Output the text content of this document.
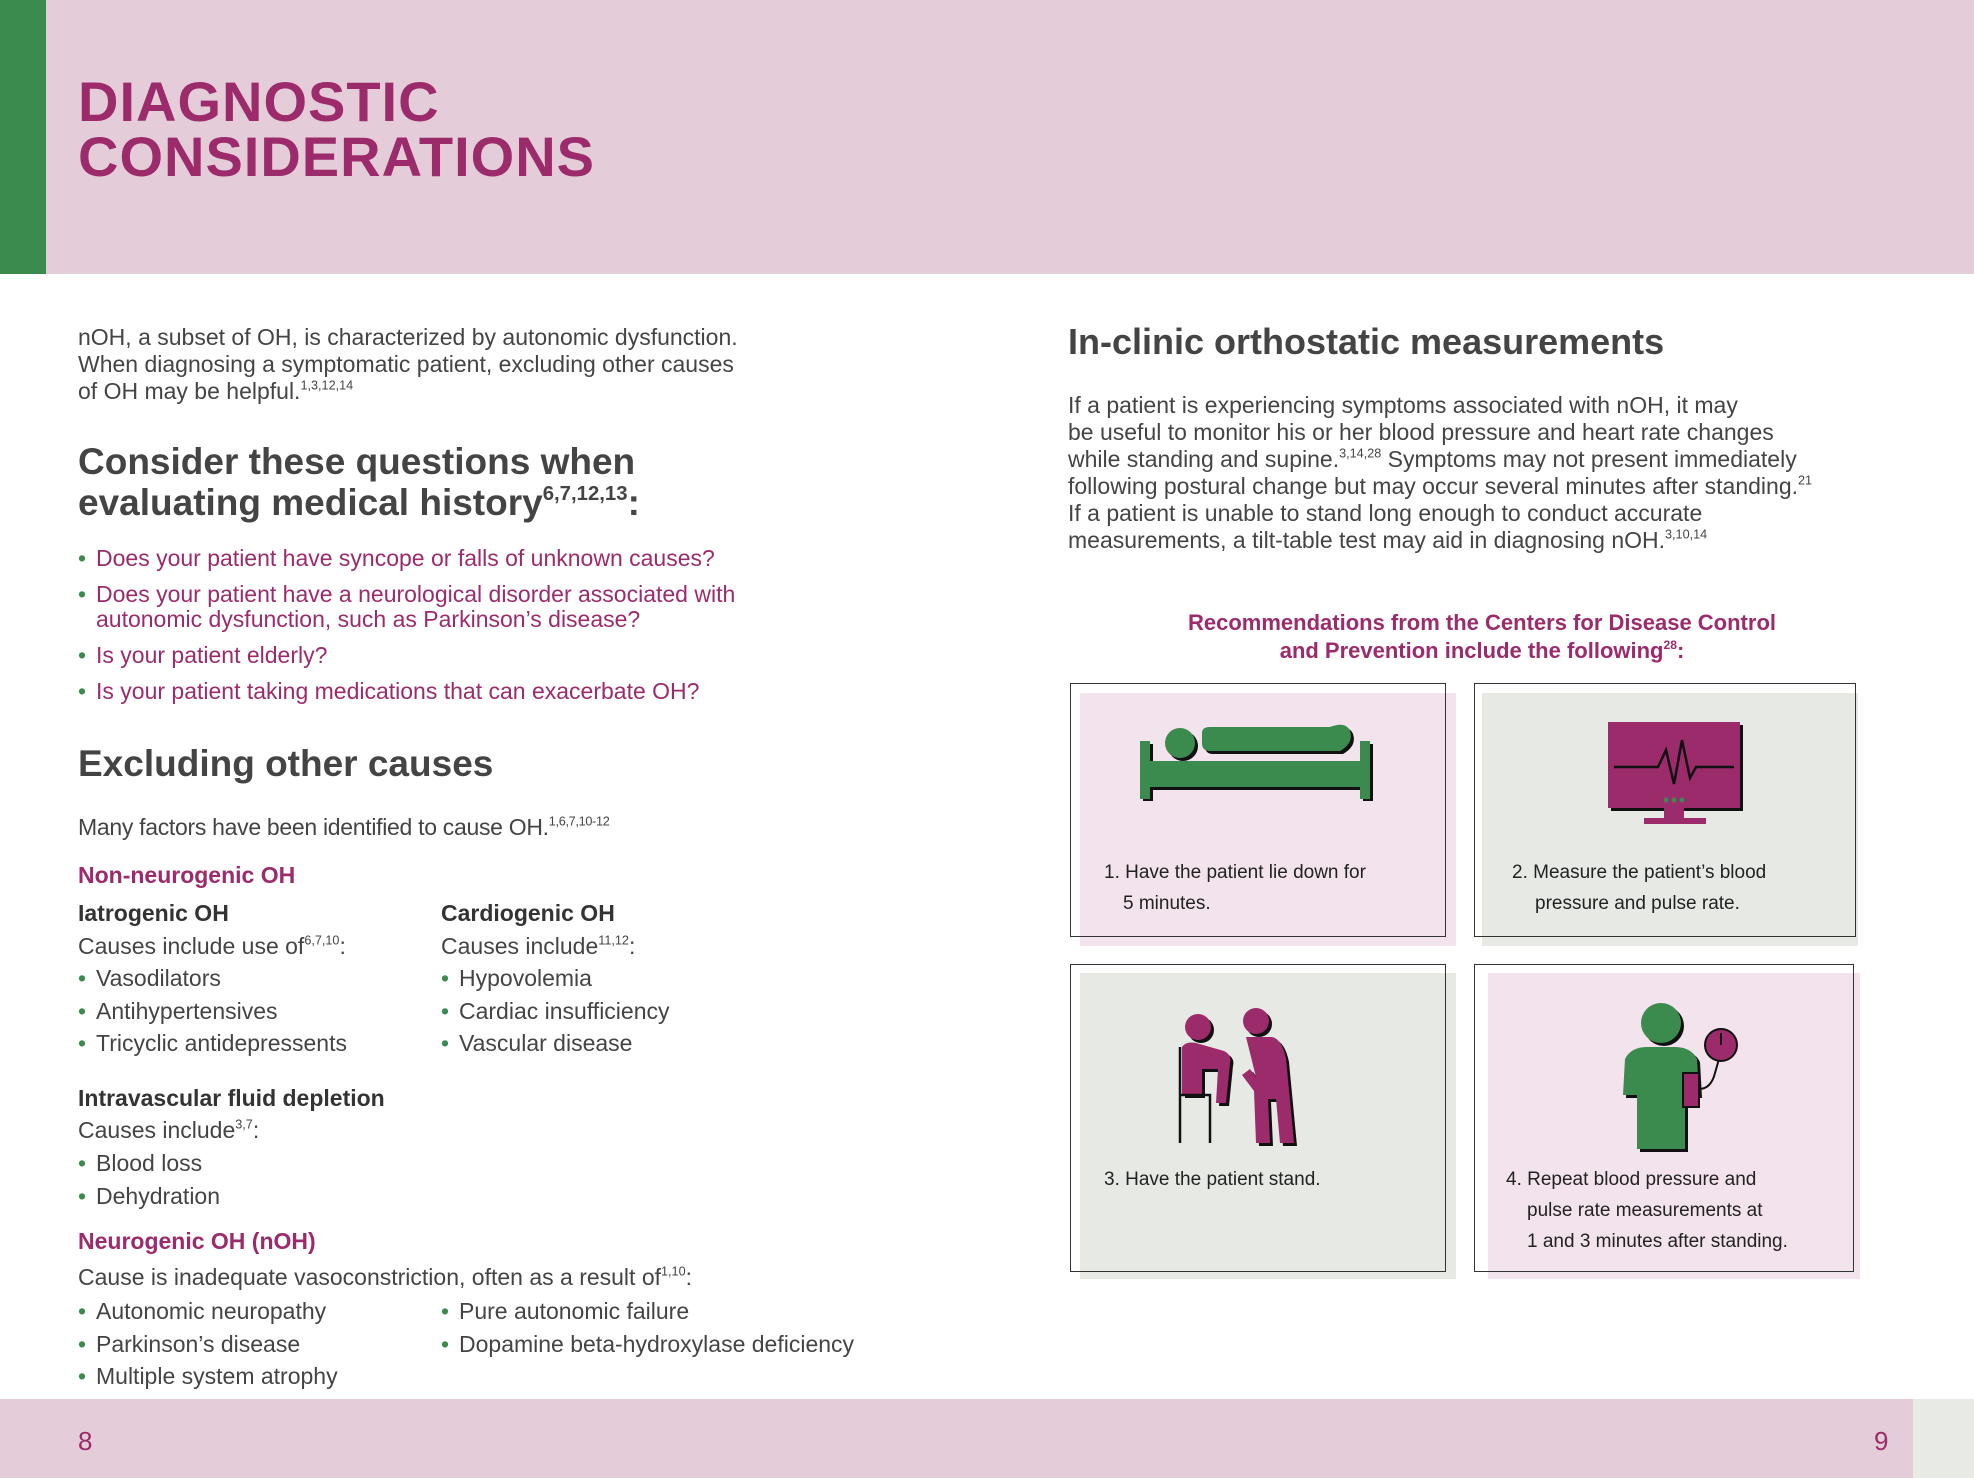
DIAGNOSTIC
CONSIDERATIONS
nOH, a subset of OH, is characterized by autonomic dysfunction.
When diagnosing a symptomatic patient, excluding other causes
of OH may be helpful.$^{1,3,12,14}$
Consider these questions when
evaluating medical history$^{6,7,12,13}$:
• Does your patient have syncope or falls of unknown causes?
• Does your patient have a neurological disorder associated with
autonomic dysfunction, such as Parkinson’s disease?
• Is your patient elderly?
• Is your patient taking medications that can exacerbate OH?
Excluding other causes
Many factors have been identified to cause OH.$^{1,6,7,10-12}$
Non-neurogenic OH
Iatrogenic OH
Causes include use of$^{6,7,10}$:
• Vasodilators
• Antihypertensives
• Tricyclic antidepressents
Cardiogenic OH
Causes include$^{11,12}$:
• Hypovolemia
• Cardiac insufficiency
• Vascular disease
Intravascular fluid depletion
Causes include$^{3,7}$:
• Blood loss
• Dehydration
Neurogenic OH (nOH)
Cause is inadequate vasoconstriction, often as a result of$^{1,10}$:
• Autonomic neuropathy
• Parkinson’s disease
• Multiple system atrophy
• Pure autonomic failure
• Dopamine beta-hydroxylase deficiency
In-clinic orthostatic measurements
If a patient is experiencing symptoms associated with nOH, it may
be useful to monitor his or her blood pressure and heart rate changes
while standing and supine.$^{3,14,28}$ Symptoms may not present immediately
following postural change but may occur several minutes after standing.$^{21}$
If a patient is unable to stand long enough to conduct accurate
measurements, a tilt-table test may aid in diagnosing nOH.$^{3,10,14}$
Recommendations from the Centers for Disease Control
and Prevention include the following$^{28}$:
1. Have the patient lie down for
5 minutes.
2. Measure the patient’s blood
pressure and pulse rate.
3. Have the patient stand.	4. Repeat blood pressure and
pulse rate measurements at
1 and 3 minutes after standing.
8	9
